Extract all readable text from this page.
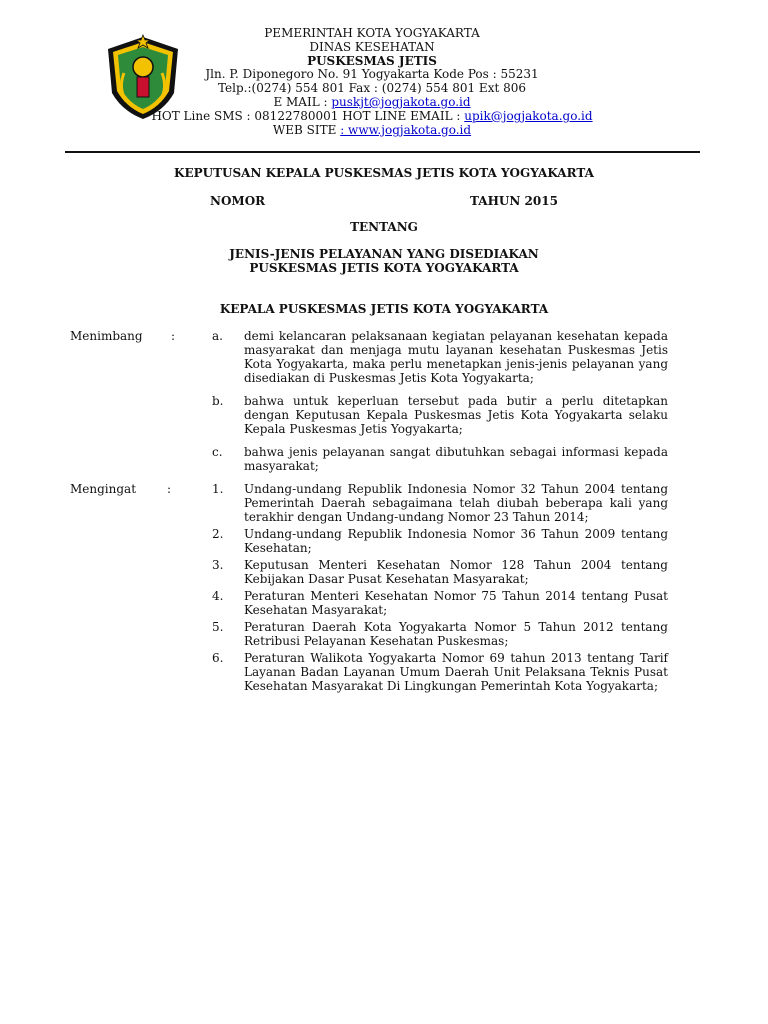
PEMERINTAH KOTA YOGYAKARTA
DINAS KESEHATAN
PUSKESMAS JETIS
Jln. P. Diponegoro No. 91 Yogyakarta Kode Pos : 55231
Telp.:(0274) 554 801 Fax : (0274) 554 801 Ext 806
E MAIL : puskjt@jogjakota.go.id
HOT Line SMS : 08122780001 HOT LINE EMAIL : upik@jogjakota.go.id
WEB SITE : www.jogjakota.go.id
KEPUTUSAN KEPALA PUSKESMAS JETIS KOTA YOGYAKARTA
NOMOR	TAHUN 2015
TENTANG
JENIS-JENIS PELAYANAN YANG DISEDIAKAN
PUSKESMAS JETIS KOTA YOGYAKARTA
KEPALA PUSKESMAS JETIS KOTA YOGYAKARTA
Menimbang :	a. demi kelancaran pelaksanaan kegiatan pelayanan kesehatan kepada masyarakat dan menjaga mutu layanan kesehatan Puskesmas Jetis Kota Yogyakarta, maka perlu menetapkan jenis-jenis pelayanan yang disediakan di Puskesmas Jetis Kota Yogyakarta;
b. bahwa untuk keperluan tersebut pada butir a perlu ditetapkan dengan Keputusan Kepala Puskesmas Jetis Kota Yogyakarta selaku Kepala Puskesmas Jetis Yogyakarta;
c. bahwa jenis pelayanan sangat dibutuhkan sebagai informasi kepada masyarakat;
Mengingat	:	1. Undang-undang Republik Indonesia Nomor 32 Tahun 2004 tentang Pemerintah Daerah sebagaimana telah diubah beberapa kali yang terakhir dengan Undang-undang Nomor 23 Tahun 2014;
2. Undang-undang Republik Indonesia Nomor 36 Tahun 2009 tentang Kesehatan;
3. Keputusan Menteri Kesehatan Nomor 128 Tahun 2004 tentang Kebijakan Dasar Pusat Kesehatan Masyarakat;
4. Peraturan Menteri Kesehatan Nomor 75 Tahun 2014 tentang Pusat Kesehatan Masyarakat;
5. Peraturan Daerah Kota Yogyakarta Nomor 5 Tahun 2012 tentang Retribusi Pelayanan Kesehatan Puskesmas;
6. Peraturan Walikota Yogyakarta Nomor 69 tahun 2013 tentang Tarif Layanan Badan Layanan Umum Daerah Unit Pelaksana Teknis Pusat Kesehatan Masyarakat Di Lingkungan Pemerintah Kota Yogyakarta;
